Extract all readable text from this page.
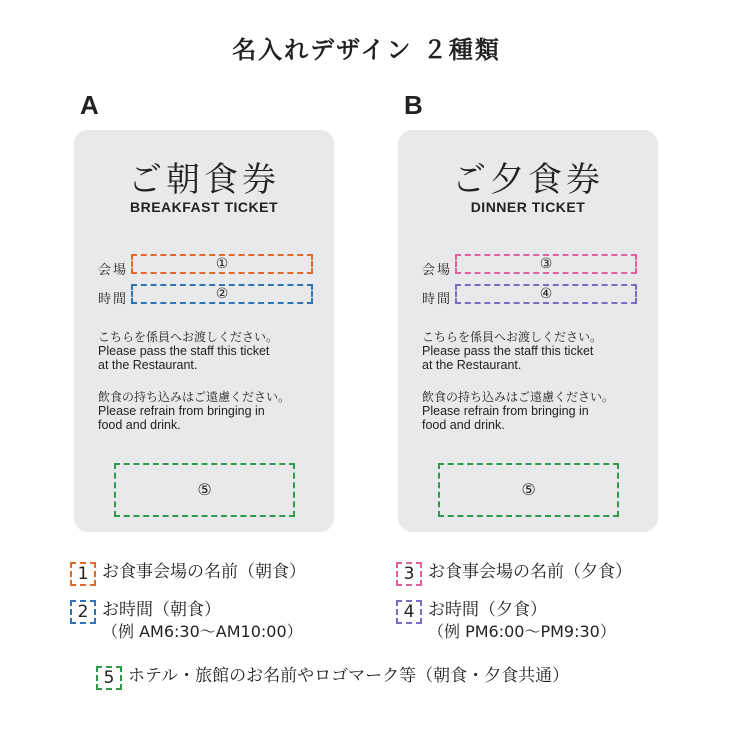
名入れデザイン ２種類
A
ご朝食券
BREAKFAST TICKET
会場	①
時間	②
こちらを係員へお渡しください。
Please pass the staff this ticket
at the Restaurant.
飲食の持ち込みはご遠慮ください。
Please refrain from bringing in
food and drink.
⑤
B
ご夕食券
DINNER TICKET
会場	③
時間	④
こちらを係員へお渡しください。
Please pass the staff this ticket
at the Restaurant.
飲食の持ち込みはご遠慮ください。
Please refrain from bringing in
food and drink.
⑤
1 お食事会場の名前（朝食）
2 お時間（朝食）
（例 AM6:30〜AM10:00）
3 お食事会場の名前（夕食）
4 お時間（夕食）
（例 PM6:00〜PM9:30）
5 ホテル・旅館のお名前やロゴマーク等（朝食・夕食共通）
